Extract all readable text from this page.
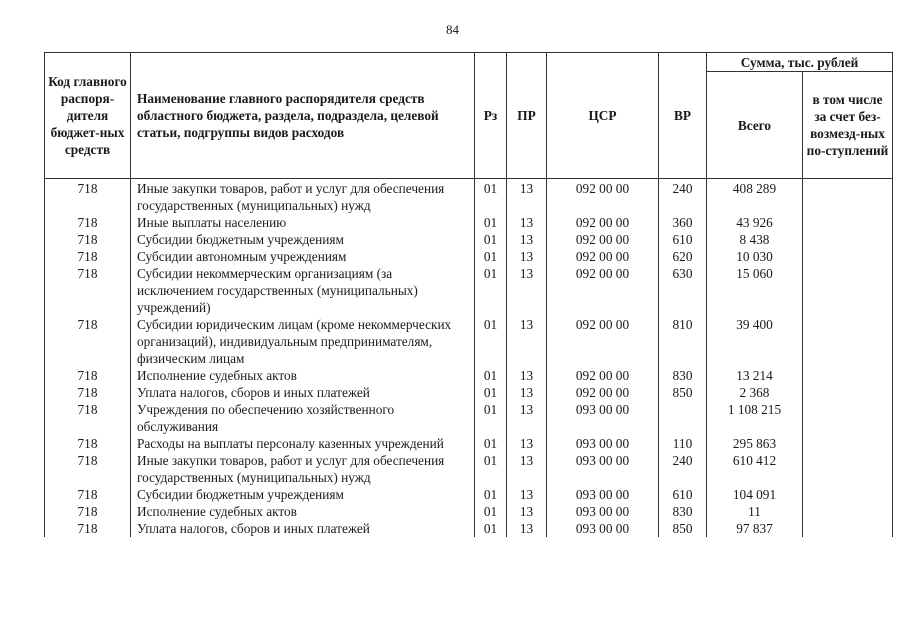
84
Код главного распоря-дителя бюджет-ных средств	Наименование главного распорядителя средств областного бюджета, раздела, подраздела, целевой статьи, подгруппы видов расходов	Рз	ПР	ЦСР	ВР	Сумма, тыс. рублей	
						Всего	в том числе за счет без-возмезд-ных по-ступлений
718	Иные закупки товаров, работ и услуг для обеспечения государственных (муниципальных) нужд	01	13	092 00 00	240	408 289	
718	Иные выплаты населению	01	13	092 00 00	360	43 926	
718	Субсидии бюджетным учреждениям	01	13	092 00 00	610	8 438	
718	Субсидии автономным учреждениям	01	13	092 00 00	620	10 030	
718	Субсидии некоммерческим организациям (за исключением государственных (муниципальных) учреждений)	01	13	092 00 00	630	15 060	
718	Субсидии юридическим лицам (кроме некоммерческих организаций), индивидуальным предпринимателям, физическим лицам	01	13	092 00 00	810	39 400	
718	Исполнение судебных актов	01	13	092 00 00	830	13 214	
718	Уплата налогов, сборов и иных платежей	01	13	092 00 00	850	2 368	
718	Учреждения по обеспечению хозяйственного обслуживания	01	13	093 00 00		1 108 215	
718	Расходы на выплаты персоналу казенных учреждений	01	13	093 00 00	110	295 863	
718	Иные закупки товаров, работ и услуг для обеспечения государственных (муниципальных) нужд	01	13	093 00 00	240	610 412	
718	Субсидии бюджетным учреждениям	01	13	093 00 00	610	104 091	
718	Исполнение судебных актов	01	13	093 00 00	830	11	
718	Уплата налогов, сборов и иных платежей	01	13	093 00 00	850	97 837	
